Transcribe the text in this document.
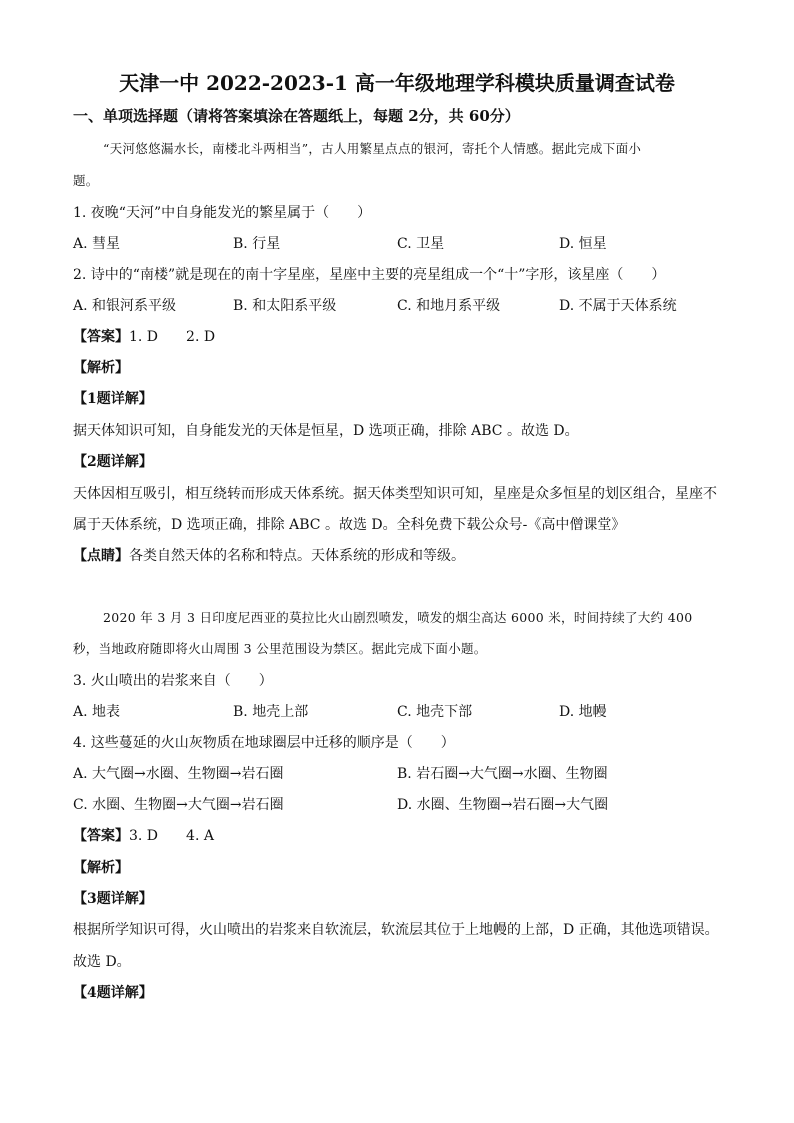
天津一中 2022-2023-1 高一年级地理学科模块质量调查试卷
一、单项选择题（请将答案填涂在答题纸上，每题 2分，共 60分）
“天河悠悠漏水长，南楼北斗两相当”，古人用繁星点点的银河，寄托个人情感。据此完成下面小
题。
1. 夜晚“天河”中自身能发光的繁星属于（　　）
A. 彗星	B. 行星	C. 卫星	D. 恒星
2. 诗中的“南楼”就是现在的南十字星座，星座中主要的亮星组成一个“十”字形，该星座（　　）
A. 和银河系平级	B. 和太阳系平级	C. 和地月系平级	D. 不属于天体系统
【答案】1. D　　2. D
【解析】
【1题详解】
据天体知识可知，自身能发光的天体是恒星，D 选项正确，排除 ABC 。故选 D。
【2题详解】
天体因相互吸引，相互绕转而形成天体系统。据天体类型知识可知，星座是众多恒星的划区组合，星座不
属于天体系统，D 选项正确，排除 ABC 。故选 D。全科免费下载公众号-《高中僧课堂》
【点睛】各类自然天体的名称和特点。天体系统的形成和等级。
2020 年 3 月 3 日印度尼西亚的莫拉比火山剧烈喷发，喷发的烟尘高达 6000 米，时间持续了大约 400
秒，当地政府随即将火山周围 3 公里范围设为禁区。据此完成下面小题。
3. 火山喷出的岩浆来自（　　）
A. 地表	B. 地壳上部	C. 地壳下部	D. 地幔
4. 这些蔓延的火山灰物质在地球圈层中迁移的顺序是（　　）
A. 大气圈→水圈、生物圈→岩石圈	B. 岩石圈→大气圈→水圈、生物圈
C. 水圈、生物圈→大气圈→岩石圈	D. 水圈、生物圈→岩石圈→大气圈
【答案】3. D　　4. A
【解析】
【3题详解】
根据所学知识可得，火山喷出的岩浆来自软流层，软流层其位于上地幔的上部，D 正确，其他选项错误。
故选 D。
【4题详解】
